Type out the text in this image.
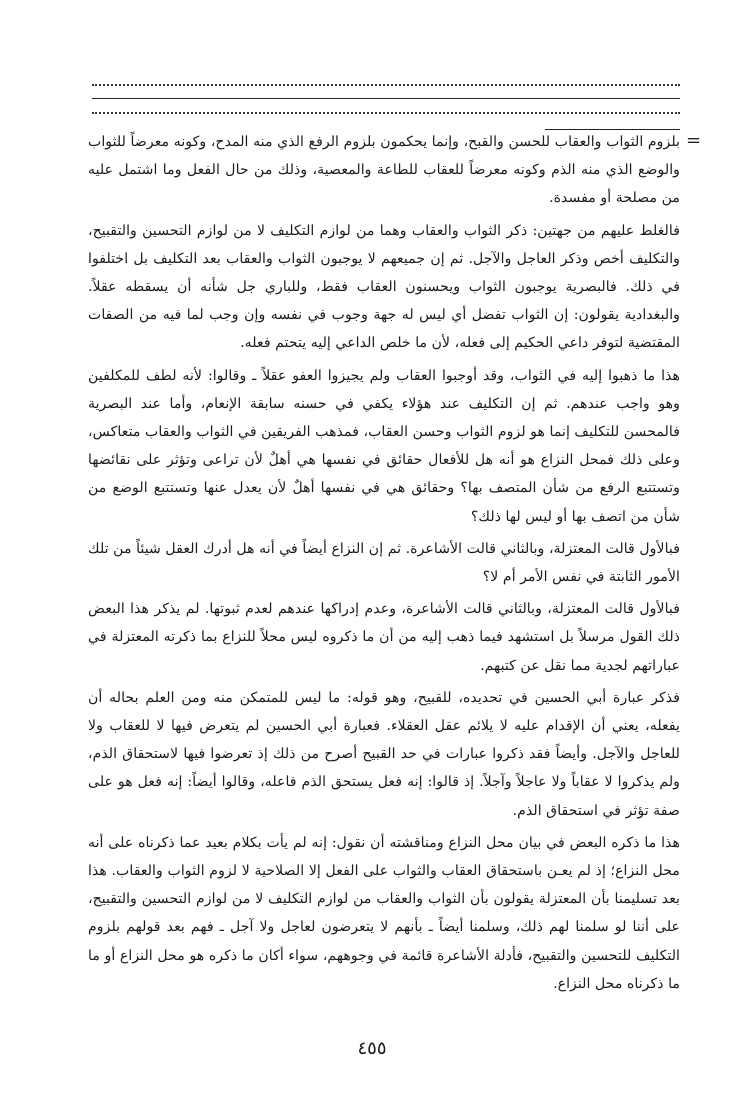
=

بلزوم الثواب والعقاب للحسن والقبح، وإنما يحكمون بلزوم الرفع الذي منه المدح، وكونه معرضاً للثواب والوضع الذي منه الذم وكونه معرضاً للعقاب للطاعة والمعصية، وذلك من حال الفعل وما اشتمل عليه من مصلحة أو مفسدة.

فالغلط عليهم من جهتين: ذكر الثواب والعقاب وهما من لوازم التكليف لا من لوازم التحسين والتقبيح، والتكليف أخص وذكر العاجل والآجل. ثم إن جميعهم لا يوجبون الثواب والعقاب بعد التكليف بل اختلفوا في ذلك. فالبصرية يوجبون الثواب ويحسنون العقاب فقط، وللباري جل شأنه أن يسقطه عقلاً. والبغدادية يقولون: إن الثواب تفضل أي ليس له جهة وجوب في نفسه وإن وجب لما فيه من الصفات المقتضية لتوفر داعي الحكيم إلى فعله، لأن ما خلص الداعي إليه يتحتم فعله.

هذا ما ذهبوا إليه في الثواب، وقد أوجبوا العقاب ولم يجيزوا العفو عقلاً ـ وقالوا: لأنه لطف للمكلفين وهو واجب عندهم. ثم إن التكليف عند هؤلاء يكفي في حسنه سابقة الإنعام، وأما عند البصرية فالمحسن للتكليف إنما هو لزوم الثواب وحسن العقاب، فمذهب الفريقين في الثواب والعقاب متعاكس، وعلى ذلك فمحل النزاع هو أنه هل للأفعال حقائق في نفسها هي أهلٌ لأن تراعى وتؤثر على نقائضها وتستتبع الرفع من شأن المتصف بها؟ وحقائق هي في نفسها أهلٌ لأن يعدل عنها وتستتبع الوضع من شأن من اتصف بها أو ليس لها ذلك؟

فبالأول قالت المعتزلة، وبالثاني قالت الأشاعرة. ثم إن النزاع أيضاً في أنه هل أدرك العقل شيئاً من تلك الأمور الثابتة في نفس الأمر أم لا؟

فبالأول قالت المعتزلة، وبالثاني قالت الأشاعرة، وعدم إدراكها عندهم لعدم ثبوتها. لم يذكر هذا البعض ذلك القول مرسلاً بل استشهد فيما ذهب إليه من أن ما ذكروه ليس محلاً للنزاع بما ذكرته المعتزلة في عباراتهم لجدية مما نقل عن كتبهم.

فذكر عبارة أبي الحسين في تحديده، للقبيح، وهو قوله: ما ليس للمتمكن منه ومن العلم بحاله أن يفعله، يعني أن الإقدام عليه لا يلائم عقل العقلاء. فعبارة أبي الحسين لم يتعرض فيها لا للعقاب ولا للعاجل والآجل. وأيضاً فقد ذكروا عبارات في حد القبيح أصرح من ذلك إذ تعرضوا فيها لاستحقاق الذم، ولم يذكروا لا عقاباً ولا عاجلاً وآجلاً. إذ قالوا: إنه فعل يستحق الذم فاعله، وقالوا أيضاً: إنه فعل هو على صفة تؤثر في استحقاق الذم.

هذا ما ذكره البعض في بيان محل النزاع ومناقشته أن نقول: إنه لم يأت بكلام بعيد عما ذكرناه على أنه محل النزاع؛ إذ لم يعـن باستحقاق العقاب والثواب على الفعل إلا الصلاحية لا لزوم الثواب والعقاب. هذا بعد تسليمنا بأن المعتزلة يقولون بأن الثواب والعقاب من لوازم التكليف لا من لوازم التحسين والتقبيح، على أننا لو سلمنا لهم ذلك، وسلمنا أيضاً ـ بأنهم لا يتعرضون لعاجل ولا آجل ـ فهم بعد قولهم بلزوم التكليف للتحسين والتقبيح، فأدلة الأشاعرة قائمة في وجوههم، سواء أكان ما ذكره هو محل النزاع أو ما ما ذكرناه محل النزاع.

٤٥٥
